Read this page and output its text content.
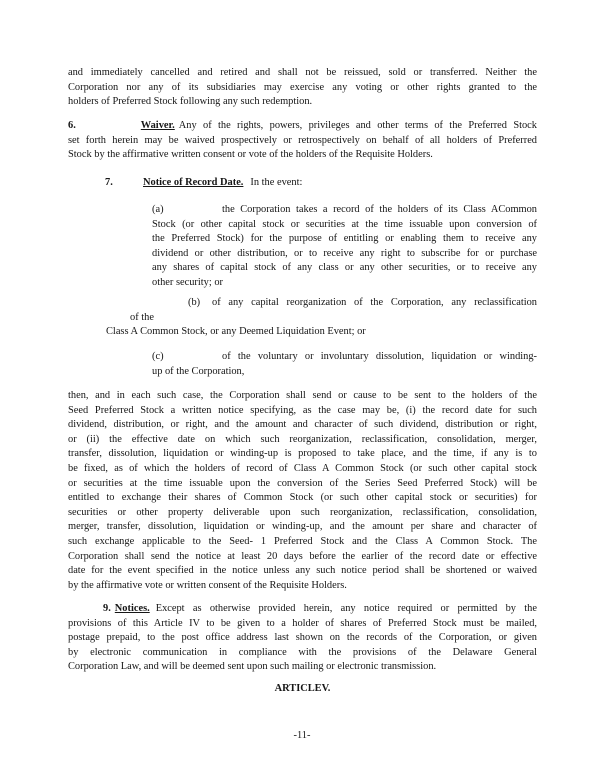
and immediately cancelled and retired and shall not be reissued, sold or transferred. Neither the
Corporation nor any of its subsidiaries may exercise any voting or other rights granted to the
holders of Preferred Stock following any such redemption.
6.	Waiver. Any of the rights, powers, privileges and other terms of the Preferred Stock
set forth herein may be waived prospectively or retrospectively on behalf of all holders of Preferred
Stock by the affirmative written consent or vote of the holders of the Requisite Holders.
7.	Notice of Record Date. In the event:
(a)	the Corporation takes a record of the holders of its Class ACommon
Stock (or other capital stock or securities at the time issuable upon conversion of
the Preferred Stock) for the purpose of entitling or enabling them to receive any
dividend or other distribution, or to receive any right to subscribe for or purchase
any shares of capital stock of any class or any other securities, or to receive any
other security; or
(b)	of any capital reorganization of the Corporation, any reclassification
of the
Class A Common Stock, or any Deemed Liquidation Event; or
(c)	of the voluntary or involuntary dissolution, liquidation or winding-
up of the Corporation,
then, and in each such case, the Corporation shall send or cause to be sent to the holders of the
Seed Preferred Stock a written notice specifying, as the case may be, (i) the record date for such
dividend, distribution, or right, and the amount and character of such dividend, distribution or right,
or (ii) the effective date on which such reorganization, reclassification, consolidation, merger,
transfer, dissolution, liquidation or winding-up is proposed to take place, and the time, if any is to
be fixed, as of which the holders of record of Class A Common Stock (or such other capital stock
or securities at the time issuable upon the conversion of the Series Seed Preferred Stock) will be
entitled to exchange their shares of Common Stock (or such other capital stock or securities) for
securities or other property deliverable upon such reorganization, reclassification, consolidation,
merger, transfer, dissolution, liquidation or winding-up, and the amount per share and character of
such exchange applicable to the Seed- 1 Preferred Stock and the Class A Common Stock. The
Corporation shall send the notice at least 20 days before the earlier of the record date or effective
date for the event specified in the notice unless any such notice period shall be shortened or waived
by the affirmative vote or written consent of the Requisite Holders.
9. Notices. Except as otherwise provided herein, any notice required or permitted by the
provisions of this Article IV to be given to a holder of shares of Preferred Stock must be mailed,
postage prepaid, to the post office address last shown on the records of the Corporation, or given
by electronic communication in compliance with the provisions of the Delaware General
Corporation Law, and will be deemed sent upon such mailing or electronic transmission.
ARTICLEV.
-11-
